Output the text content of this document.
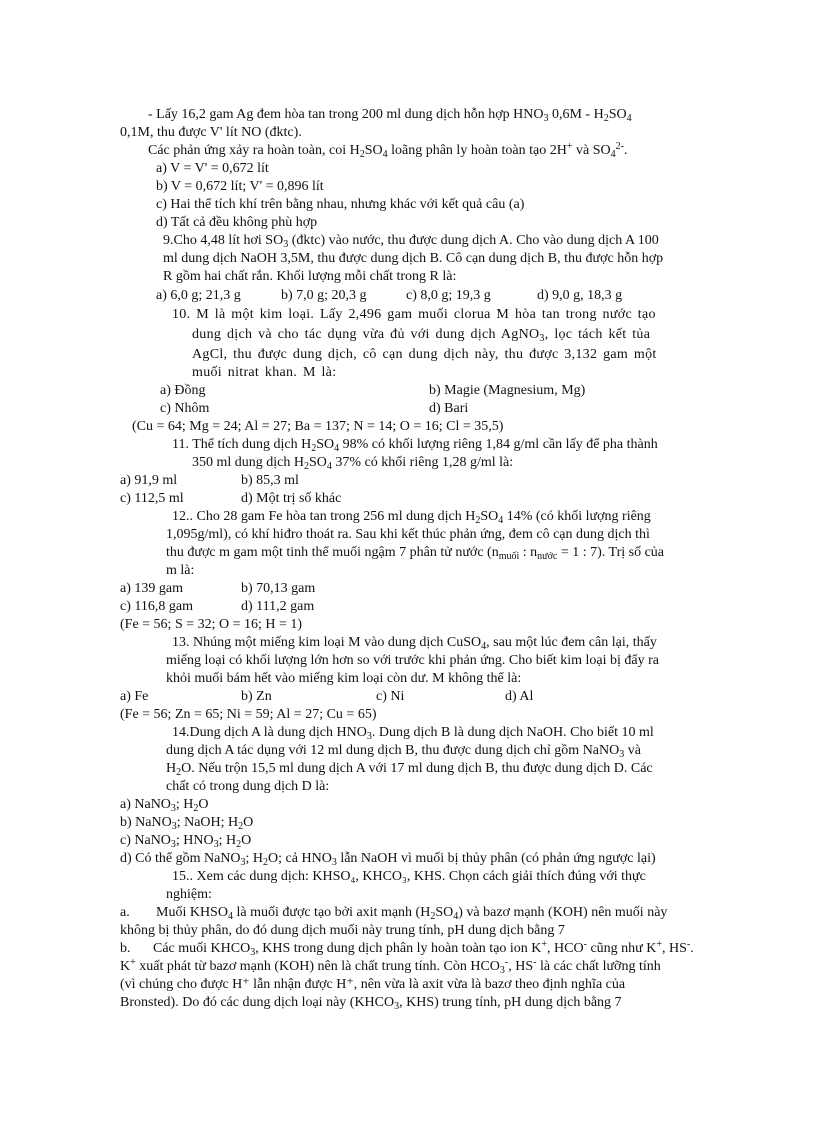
- Lấy 16,2 gam Ag đem hòa tan trong 200 ml dung dịch hỗn hợp $HNO_3$ $0,6M - H_2SO_4$
0,1M, thu được V' lít NO (đktc).
Các phản ứng xảy ra hoàn toàn, coi $H_2SO_4$ loãng phân ly hoàn toàn tạo 2H+ và $SO_4^{2-}$.
a) V = V' = 0,672 lít
b) V = 0,672 lít; V' = 0,896 lít
c) Hai thể tích khí trên bằng nhau, nhưng khác với kết quả câu (a)
d) Tất cả đều không phù hợp
9.Cho 4,48 lít hơi $SO_3$ (đktc) vào nước, thu được dung dịch A. Cho vào dung dịch A 100
ml dung dịch NaOH 3,5M, thu được dung dịch B. Cô cạn dung dịch B, thu được hỗn hợp
R gồm hai chất rắn. Khối lượng mỗi chất trong R là:
a) 6,0 g; 21,3 g	b) 7,0 g; 20,3 g	c) 8,0 g; 19,3 g	d) 9,0 g, 18,3 g
10. M là một kim loại. Lấy 2,496 gam muối clorua M hòa tan trong nước tạo
dung dịch và cho tác dụng vừa đủ với dung dịch AgNO$_3$, lọc tách kết tủa
AgCl, thu được dung dịch, cô cạn dung dịch này, thu được 3,132 gam một
muối nitrat khan. M là:
a) Đồng	b) Magie (Magnesium, Mg)
c) Nhôm	d) Bari
(Cu = 64; Mg = 24; Al = 27; Ba = 137; N = 14; O = 16; Cl = 35,5)
11. Thể tích dung dịch $H_2SO_4$ 98% có khối lượng riêng 1,84 g/ml cần lấy để pha thành
350 ml dung dịch $H_2SO_4$ 37% có khối riêng 1,28 g/ml là:
a) 91,9 ml	b) 85,3 ml
c) 112,5 ml	d) Một trị số khác
12.. Cho 28 gam Fe hòa tan trong 256 ml dung dịch $H_2SO_4$ 14% (có khối lượng riêng
1,095g/ml), có khí hiđro thoát ra. Sau khi kết thúc phản ứng, đem cô cạn dung dịch thì
thu được m gam một tinh thể muối ngậm 7 phân tử nước ($n_{muối}$ : $n_{nước} = 1$ : 7). Trị số của
m là:
a) 139 gam	b) 70,13 gam
c) 116,8 gam	d) 111,2 gam
(Fe = 56; S = 32; O = 16; H = 1)
13. Nhúng một miếng kim loại M vào dung dịch CuSO$_4$, sau một lúc đem cân lại, thấy
miếng loại có khối lượng lớn hơn so với trước khi phản ứng. Cho biết kim loại bị đẩy ra
khỏi muối bám hết vào miếng kim loại còn dư. M không thể là:
a) Fe	b) Zn	c) Ni	d) Al
(Fe = 56; Zn = 65; Ni = 59; Al = 27; Cu = 65)
14.Dung dịch A là dung dịch $HNO_3$. Dung dịch B là dung dịch NaOH. Cho biết 10 ml
dung dịch A tác dụng với 12 ml dung dịch B, thu được dung dịch chỉ gồm NaNO$_3$ và
$H_2O$. Nếu trộn 15,5 ml dung dịch A với 17 ml dung dịch B, thu được dung dịch D. Các
chất có trong dung dịch D là:
a) NaNO$_3$; $H_2O$
b) NaNO$_3$; NaOH; $H_2O$
c) NaNO$_3$; $HNO_3$; $H_2O$
d) Có thể gồm NaNO$_3$; $H_2O$; cả $HNO_3$ lẫn NaOH vì muối bị thủy phân (có phản ứng ngược lại)
15.. Xem các dung dịch: KHSO₄, KHCO₃, KHS. Chọn cách giải thích đúng với thực
nghiệm:
a. Muối $KHSO_4$ là muối được tạo bởi axit mạnh $(H_2SO_4)$ và bazơ mạnh (KOH) nên muối này
không bị thủy phân, do đó dung dịch muối này trung tính, pH dung dịch bằng 7
b. Các muối $KHCO_3$, KHS trong dung dịch phân ly hoàn toàn tạo ion K+, HCO- cũng như K+, HS-.
K+ xuất phát từ bazơ mạnh (KOH) nên là chất trung tính. Còn $HCO_3^-$, HS- là các chất lưỡng tính
(vì chúng cho được H⁺ lẫn nhận được H⁺, nên vừa là axit vừa là bazơ theo định nghĩa của
Bronsted). Do đó các dung dịch loại này ($KHCO_3$, KHS) trung tính, pH dung dịch bằng 7
